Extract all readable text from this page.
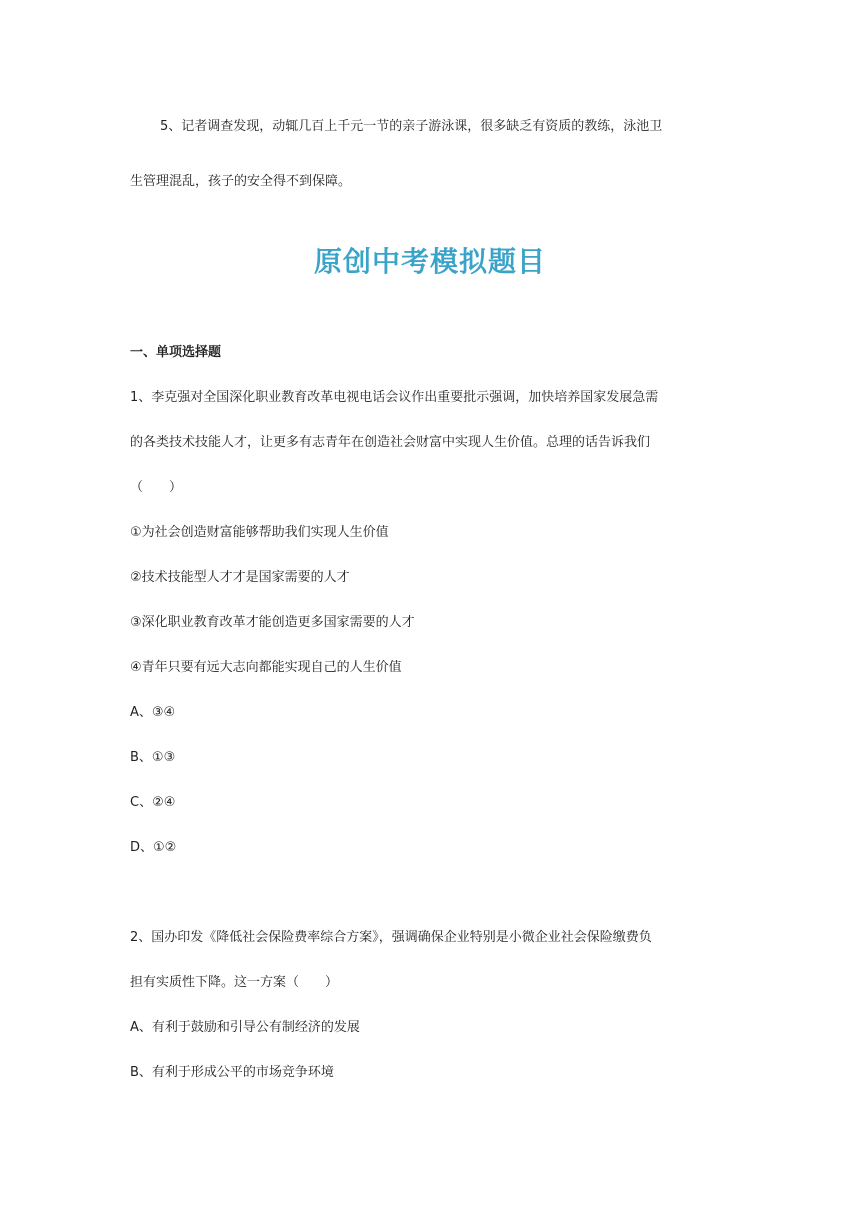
5、记者调查发现，动辄几百上千元一节的亲子游泳课，很多缺乏有资质的教练，泳池卫
生管理混乱，孩子的安全得不到保障。
原创中考模拟题目
一、单项选择题
1、李克强对全国深化职业教育改革电视电话会议作出重要批示强调，加快培养国家发展急需
的各类技术技能人才，让更多有志青年在创造社会财富中实现人生价值。总理的话告诉我们
（　　）
①为社会创造财富能够帮助我们实现人生价值
②技术技能型人才才是国家需要的人才
③深化职业教育改革才能创造更多国家需要的人才
④青年只要有远大志向都能实现自己的人生价值
A、③④
B、①③
C、②④
D、①②
2、国办印发《降低社会保险费率综合方案》，强调确保企业特别是小微企业社会保险缴费负
担有实质性下降。这一方案（　　）
A、有利于鼓励和引导公有制经济的发展
B、有利于形成公平的市场竞争环境
